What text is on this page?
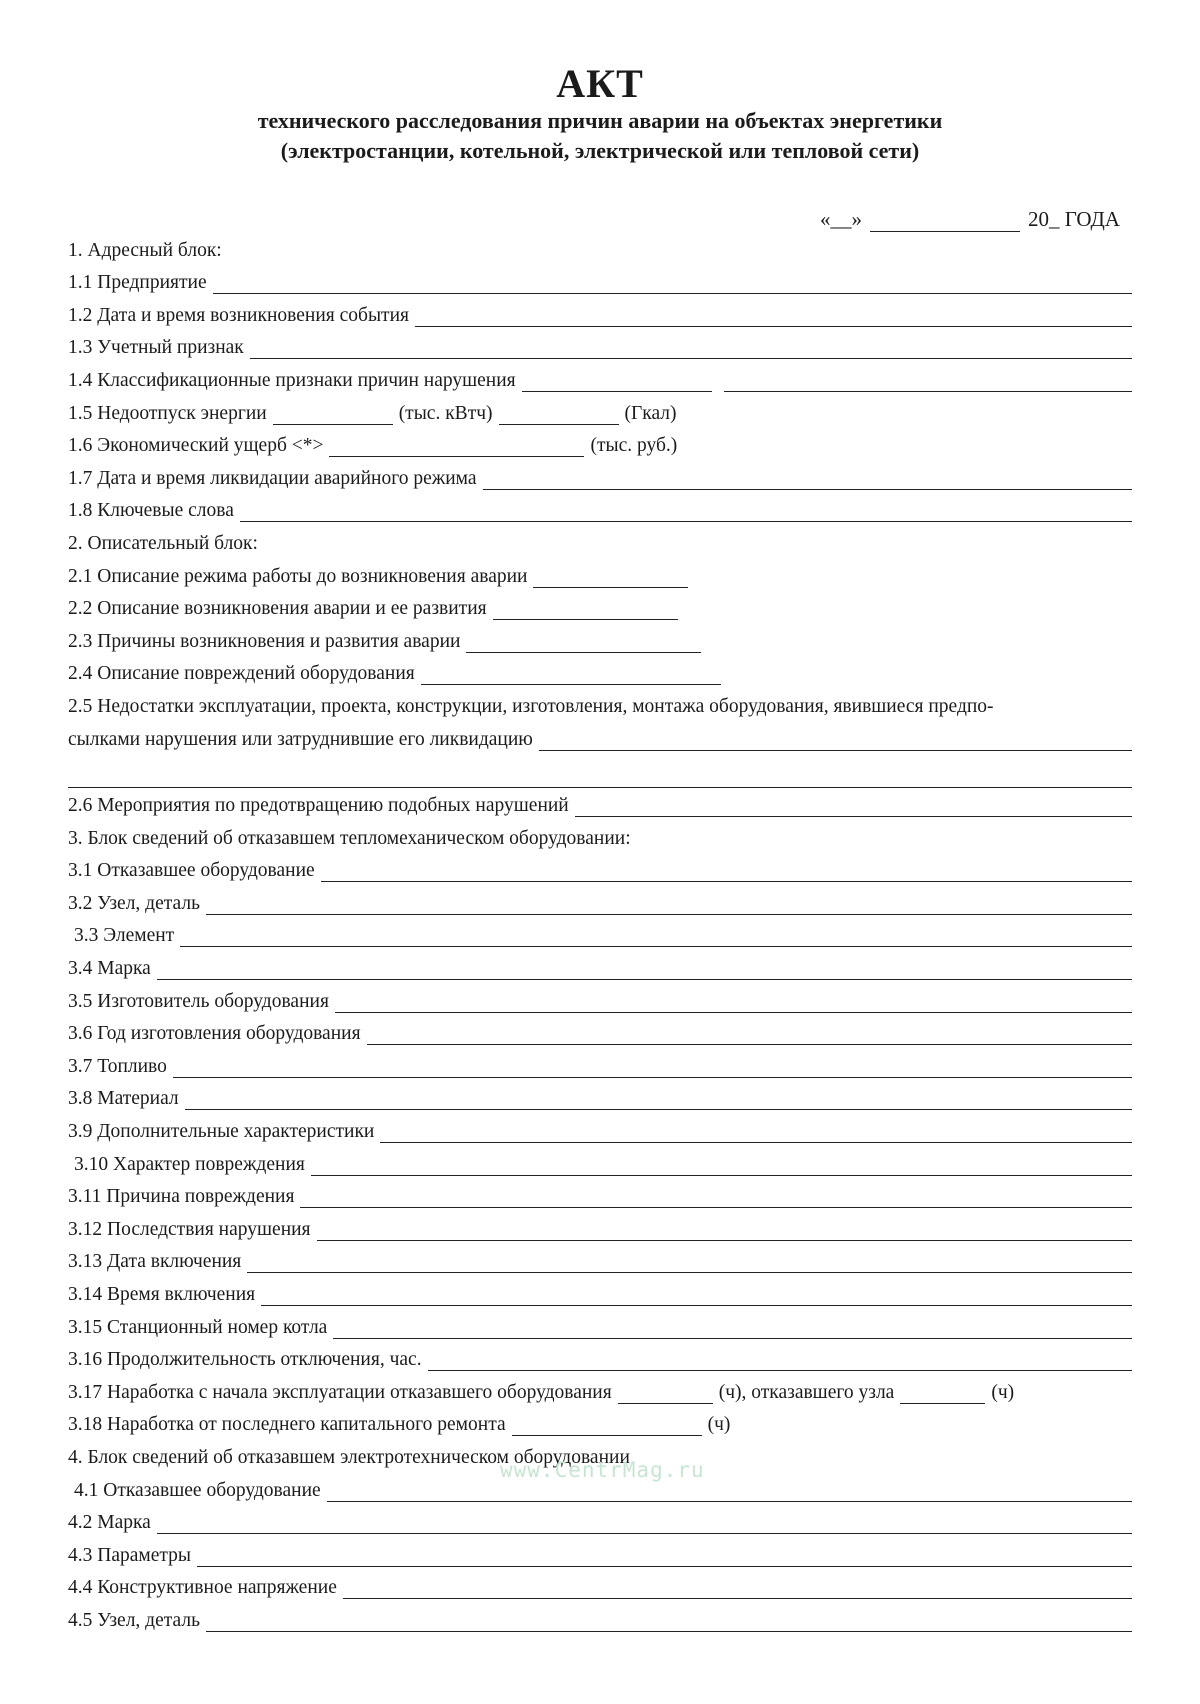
АКТ
технического расследования причин аварии на объектах энергетики
(электростанции, котельной, электрической или тепловой сети)
«__»	20_ ГОДА
1. Адресный блок:
1.1 Предприятие
1.2 Дата и время возникновения события
1.3 Учетный признак
1.4 Классификационные признаки причин нарушения
1.5 Недоотпуск энергии	(тыс. кВтч)	(Гкал)
1.6 Экономический ущерб <*>	(тыс. руб.)
1.7 Дата и время ликвидации аварийного режима
1.8 Ключевые слова
2. Описательный блок:
2.1 Описание режима работы до возникновения аварии
2.2 Описание возникновения аварии и ее развития
2.3 Причины возникновения и развития аварии
2.4 Описание повреждений оборудования
2.5 Недостатки эксплуатации, проекта, конструкции, изготовления, монтажа оборудования, явившиеся предпо-
сылками нарушения или затруднившие его ликвидацию
2.6 Мероприятия по предотвращению подобных нарушений
3. Блок сведений об отказавшем тепломеханическом оборудовании:
3.1 Отказавшее оборудование
3.2 Узел, деталь
3.3 Элемент
3.4 Марка
3.5 Изготовитель оборудования
3.6 Год изготовления оборудования
3.7 Топливо
3.8 Материал
3.9 Дополнительные характеристики
3.10 Характер повреждения
3.11 Причина повреждения
3.12 Последствия нарушения
3.13 Дата включения
3.14 Время включения
3.15 Станционный номер котла
3.16 Продолжительность отключения, час.
3.17 Наработка с начала эксплуатации отказавшего оборудования	(ч), отказавшего узла	(ч)
3.18 Наработка от последнего капитального ремонта	(ч)
4. Блок сведений об отказавшем электротехническом оборудовании
4.1 Отказавшее оборудование
4.2 Марка
4.3 Параметры
4.4 Конструктивное напряжение
4.5 Узел, деталь
www.CentrMag.ru
